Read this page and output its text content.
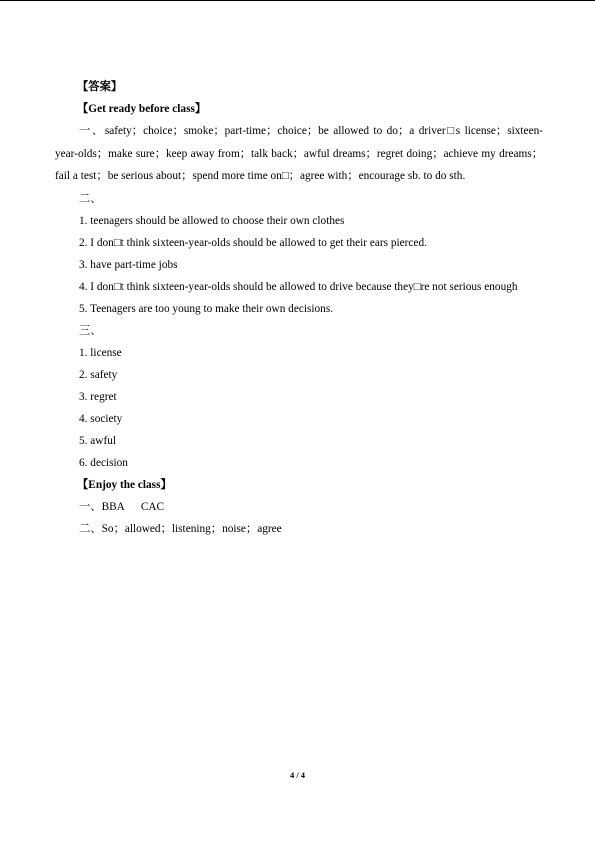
【答案】
【Get ready before class】

一、safety；choice；smoke；part-time；choice；be allowed to do；a driver□s license；sixteen-year-olds；make sure；keep away from；talk back；awful dreams；regret doing；achieve my dreams；fail a test；be serious about；spend more time on□；agree with；encourage sb. to do sth.

二、
1. teenagers should be allowed to choose their own clothes
2. I don□t think sixteen-year-olds should be allowed to get their ears pierced.
3. have part-time jobs
4. I don□t think sixteen-year-olds should be allowed to drive because they□re not serious enough
5. Teenagers are too young to make their own decisions.
三、
1. license
2. safety
3. regret
4. society
5. awful
6. decision
【Enjoy the class】
一、BBA CAC
二、So；allowed；listening；noise；agree
4 / 4
